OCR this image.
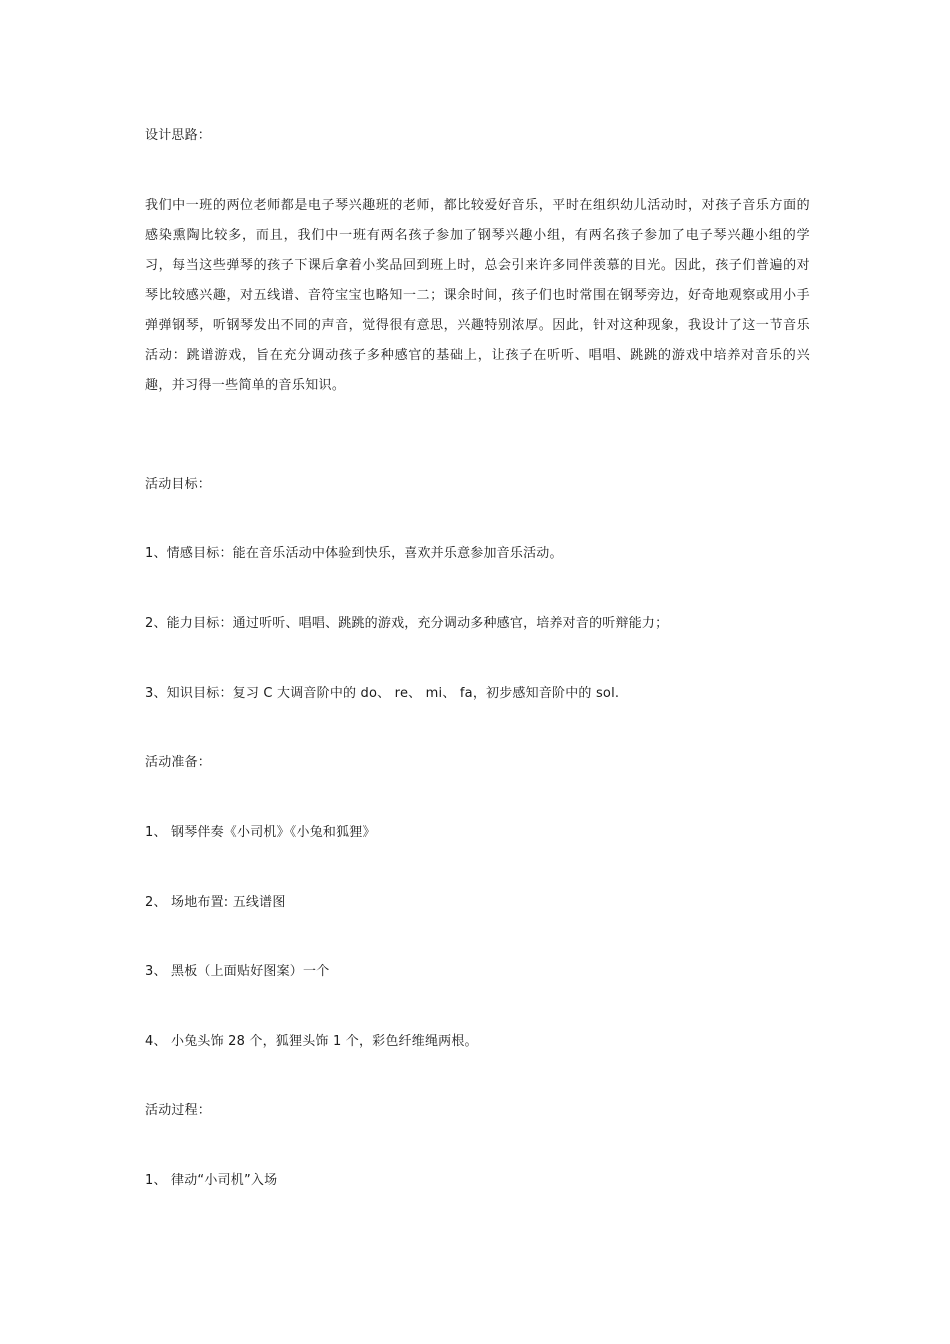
设计思路：
我们中一班的两位老师都是电子琴兴趣班的老师，都比较爱好音乐，平时在组织幼儿活动时，对孩子音乐方面的感染熏陶比较多，而且，我们中一班有两名孩子参加了钢琴兴趣小组，有两名孩子参加了电子琴兴趣小组的学习，每当这些弹琴的孩子下课后拿着小奖品回到班上时，总会引来许多同伴羡慕的目光。因此，孩子们普遍的对琴比较感兴趣，对五线谱、音符宝宝也略知一二；课余时间，孩子们也时常围在钢琴旁边，好奇地观察或用小手弹弹钢琴，听钢琴发出不同的声音，觉得很有意思，兴趣特别浓厚。因此，针对这种现象，我设计了这一节音乐活动：跳谱游戏，旨在充分调动孩子多种感官的基础上，让孩子在听听、唱唱、跳跳的游戏中培养对音乐的兴趣，并习得一些简单的音乐知识。
活动目标：
1、情感目标：能在音乐活动中体验到快乐，喜欢并乐意参加音乐活动。
2、能力目标：通过听听、唱唱、跳跳的游戏，充分调动多种感官，培养对音的听辩能力；
3、知识目标：复习 C 大调音阶中的 do、 re、 mi、 fa，初步感知音阶中的 sol.
活动准备：
1、 钢琴伴奏《小司机》《小兔和狐狸》
2、 场地布置: 五线谱图
3、 黑板（上面贴好图案）一个
4、 小兔头饰 28 个，狐狸头饰 1 个，彩色纤维绳两根。
活动过程：
1、 律动“小司机”入场
